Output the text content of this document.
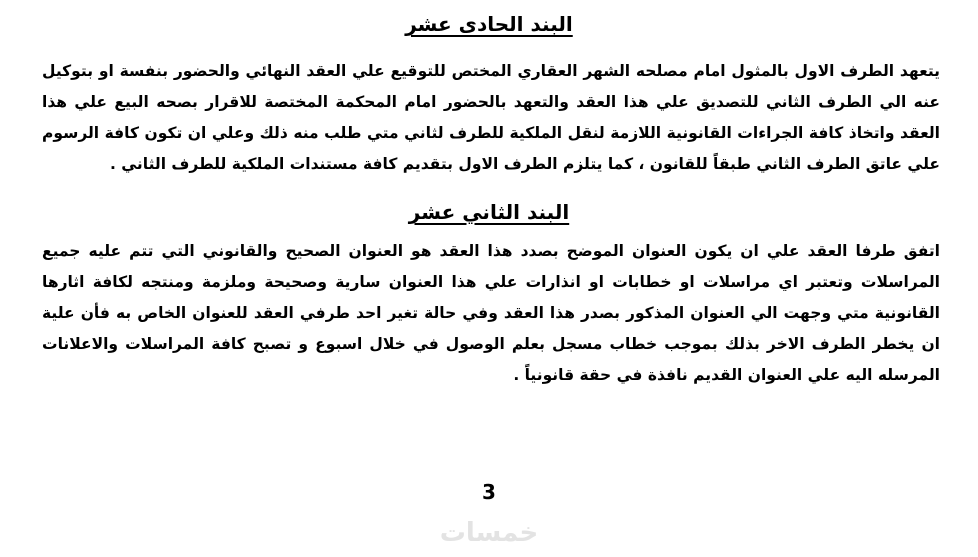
البند الحادى عشر

يتعهد الطرف الاول بالمثول امام مصلحه الشهر العقاري المختص للتوقيع علي العقد النهائي والحضور بنفسة او بتوكيل عنه الي الطرف الثاني للتصديق علي هذا العقد والتعهد بالحضور امام المحكمة المختصة للاقرار بصحه البيع علي هذا العقد واتخاذ كافة الجراءات القانونية اللازمة لنقل الملكية للطرف لثاني متي طلب منه ذلك وعلي ان تكون كافة الرسوم علي عاتق الطرف الثاني طبقاً للقانون ، كما يتلزم الطرف الاول بتقديم كافة مستندات الملكية للطرف الثاني .

البند الثاني عشر

اتفق طرفا العقد علي ان يكون العنوان الموضح بصدد هذا العقد هو العنوان الصحيح والقانوني التي تتم عليه جميع المراسلات وتعتبر اي مراسلات او خطابات او انذارات علي هذا العنوان سارية وصحيحة وملزمة ومنتجه لكافة اثارها القانونية متي وجهت الي العنوان المذكور بصدر هذا العقد وفي حالة تغير احد طرفي العقد للعنوان الخاص به فأن علية ان يخطر الطرف الاخر بذلك بموجب خطاب مسجل بعلم الوصول في خلال اسبوع و تصبح كافة المراسلات والاعلانات المرسله اليه علي العنوان القديم نافذة في حقة قانونياً .

3
خمسات
